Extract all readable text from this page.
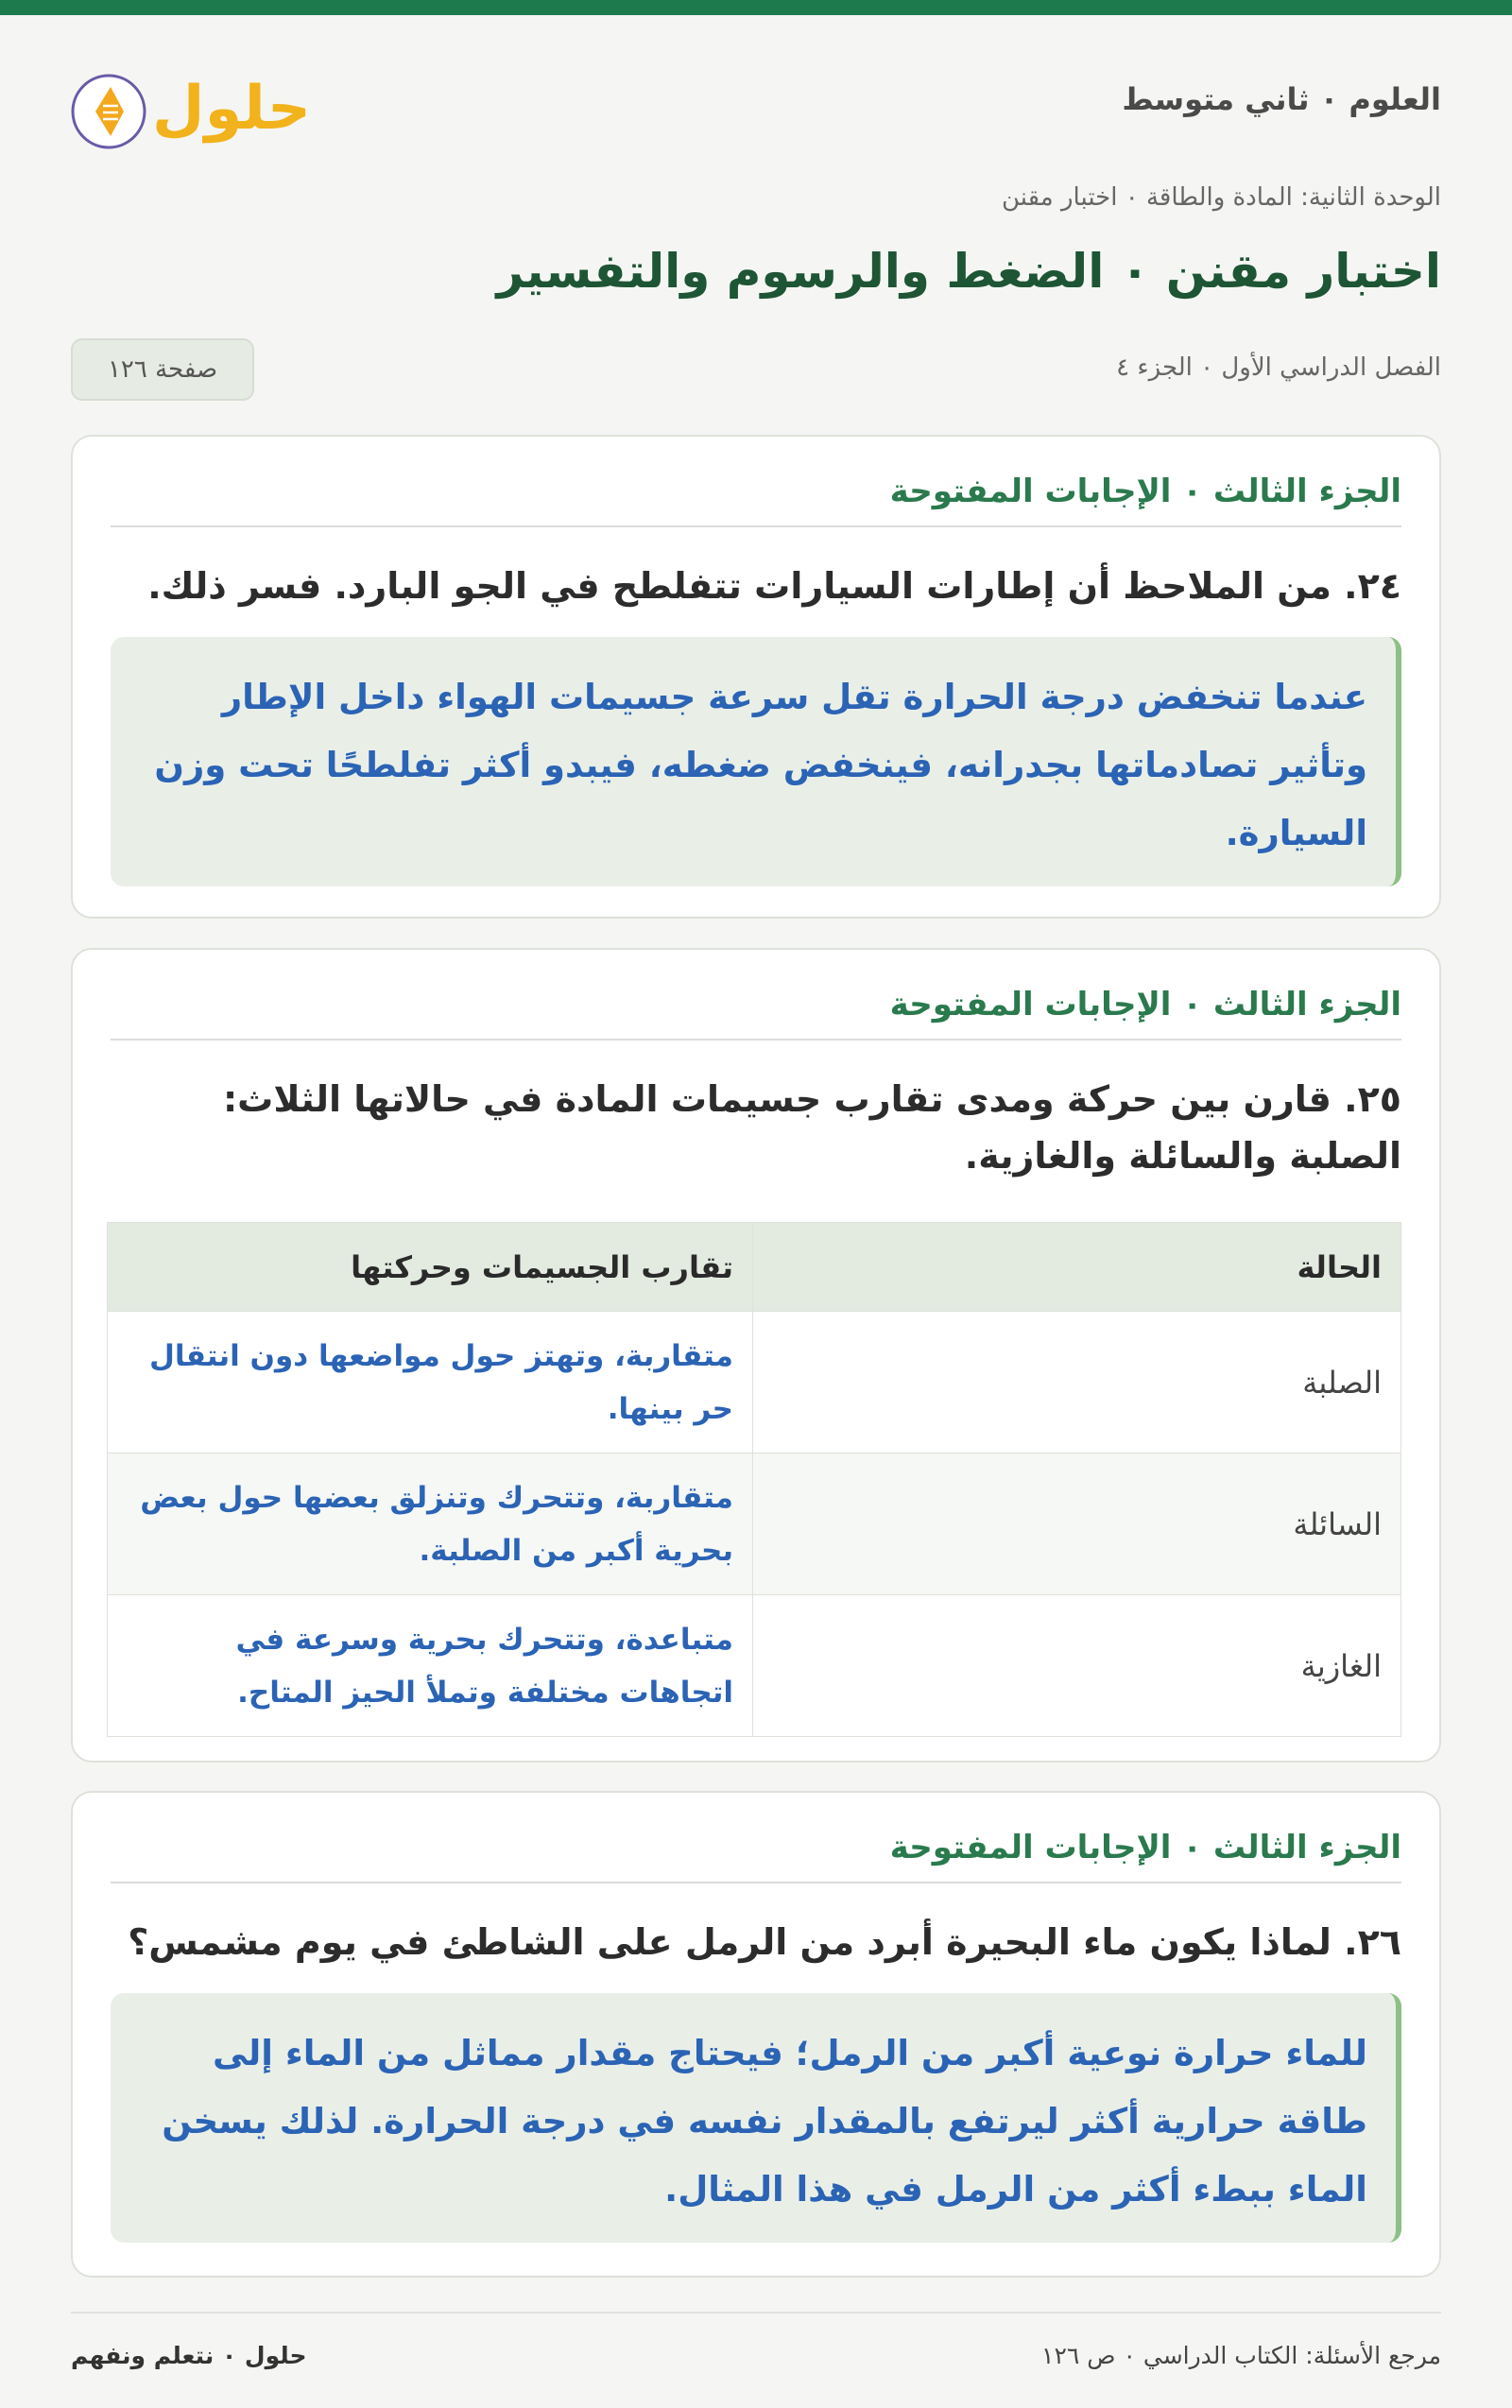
العلوم ٠ ثاني متوسط
حلول
الوحدة الثانية: المادة والطاقة ٠ اختبار مقنن
اختبار مقنن ٠ الضغط والرسوم والتفسير
الفصل الدراسي الأول ٠ الجزء ٤
صفحة ١٢٦
الجزء الثالث ٠ الإجابات المفتوحة
٢٤. من الملاحظ أن إطارات السيارات تتفلطح في الجو البارد. فسر ذلك.
عندما تنخفض درجة الحرارة تقل سرعة جسيمات الهواء داخل الإطار وتأثير تصادماتها بجدرانه، فينخفض ضغطه، فيبدو أكثر تفلطحًا تحت وزن السيارة.
الجزء الثالث ٠ الإجابات المفتوحة
٢٥. قارن بين حركة ومدى تقارب جسيمات المادة في حالاتها الثلاث: الصلبة والسائلة والغازية.
الحالة	تقارب الجسيمات وحركتها
الصلبة	متقاربة، وتهتز حول مواضعها دون انتقال حر بينها.
السائلة	متقاربة، وتتحرك وتنزلق بعضها حول بعض بحرية أكبر من الصلبة.
الغازية	متباعدة، وتتحرك بحرية وسرعة في اتجاهات مختلفة وتملأ الحيز المتاح.
الجزء الثالث ٠ الإجابات المفتوحة
٢٦. لماذا يكون ماء البحيرة أبرد من الرمل على الشاطئ في يوم مشمس؟
للماء حرارة نوعية أكبر من الرمل؛ فيحتاج مقدار مماثل من الماء إلى طاقة حرارية أكثر ليرتفع بالمقدار نفسه في درجة الحرارة. لذلك يسخن الماء ببطء أكثر من الرمل في هذا المثال.
مرجع الأسئلة: الكتاب الدراسي ٠ ص ١٢٦
حلول ٠ نتعلم ونفهم
